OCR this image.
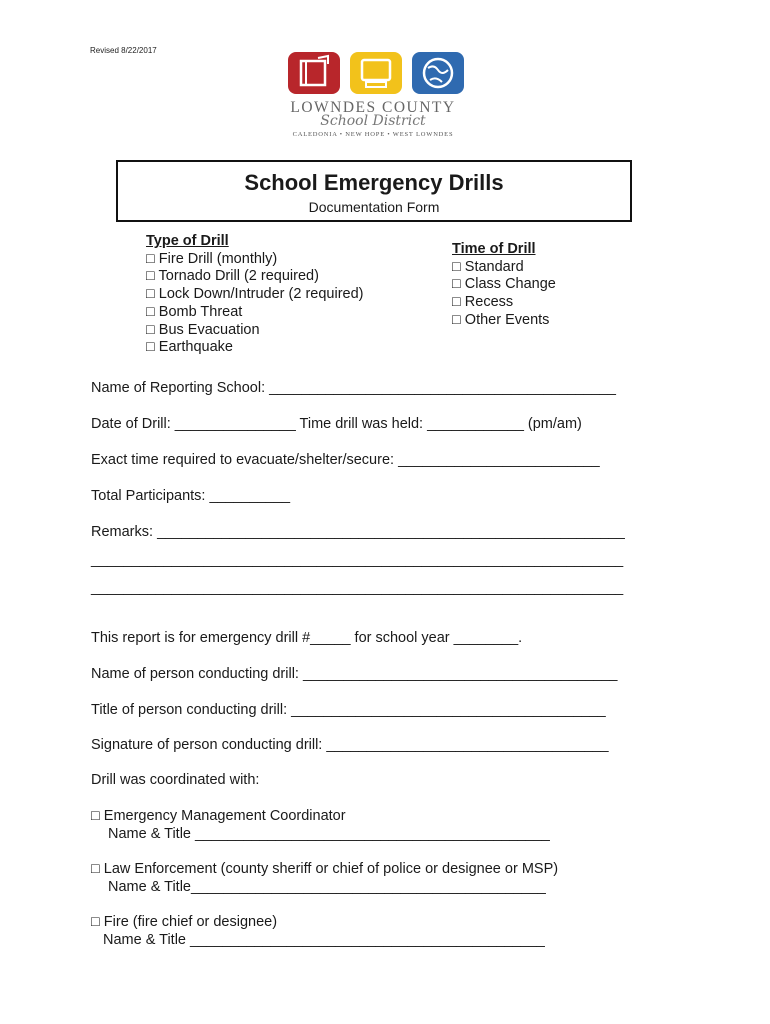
Revised 8/22/2017
LOWNDES COUNTY
School District
CALEDONIA • NEW HOPE • WEST LOWNDES
School Emergency Drills
Documentation Form
Type of Drill
□ Fire Drill (monthly)
□ Tornado Drill (2 required)
□ Lock Down/Intruder (2 required)
□ Bomb Threat
□ Bus Evacuation
□ Earthquake
Time of Drill
□ Standard
□ Class Change
□ Recess
□ Other Events
Name of Reporting School: ___________________________________________
Date of Drill: _______________ Time drill was held: ____________ (pm/am)
Exact time required to evacuate/shelter/secure: _________________________
Total Participants: __________
Remarks: __________________________________________________________
__________________________________________________________________
__________________________________________________________________
This report is for emergency drill #_____ for school year ________.
Name of person conducting drill: _______________________________________
Title of person conducting drill: _______________________________________
Signature of person conducting drill: ___________________________________
Drill was coordinated with:
□ Emergency Management Coordinator
Name & Title ____________________________________________
□ Law Enforcement (county sheriff or chief of police or designee or MSP)
Name & Title____________________________________________
□ Fire (fire chief or designee)
Name & Title ____________________________________________
